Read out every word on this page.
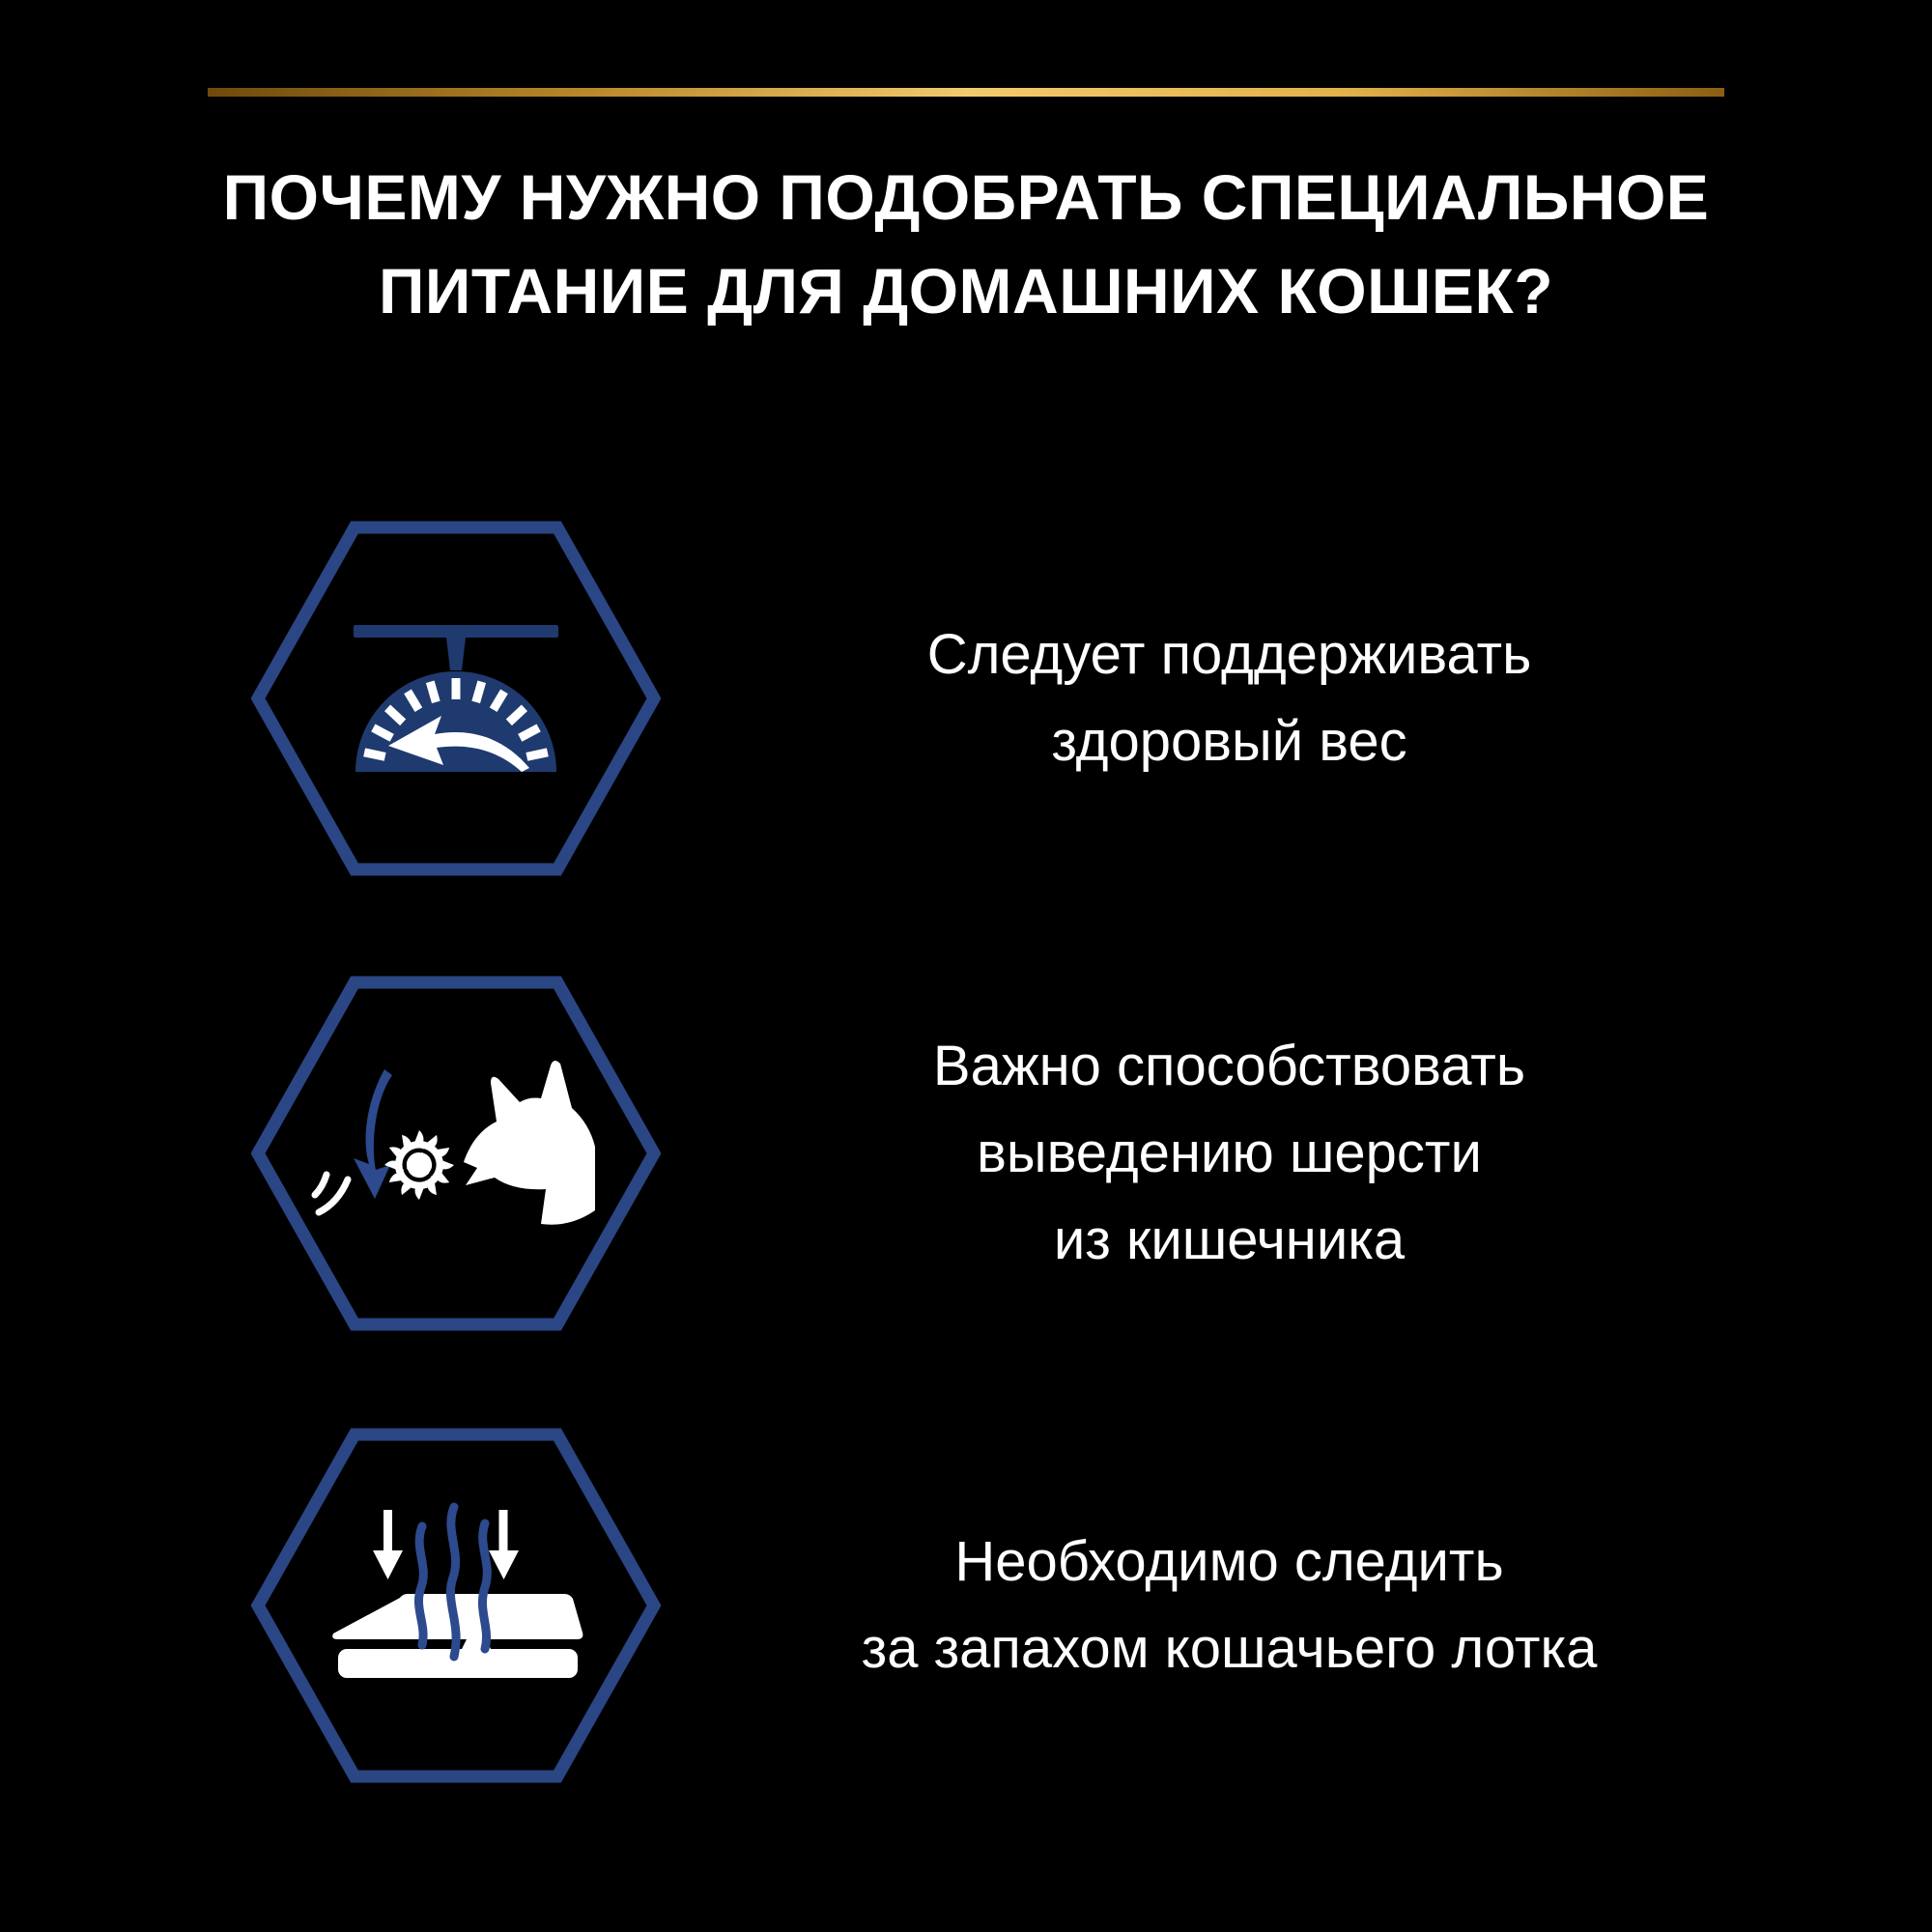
ПОЧЕМУ НУЖНО ПОДОБРАТЬ СПЕЦИАЛЬНОЕ
ПИТАНИЕ ДЛЯ ДОМАШНИХ КОШЕК?
Следует поддерживать
здоровый вес
Важно способствовать
выведению шерсти
из кишечника
Необходимо следить
за запахом кошачьего лотка
